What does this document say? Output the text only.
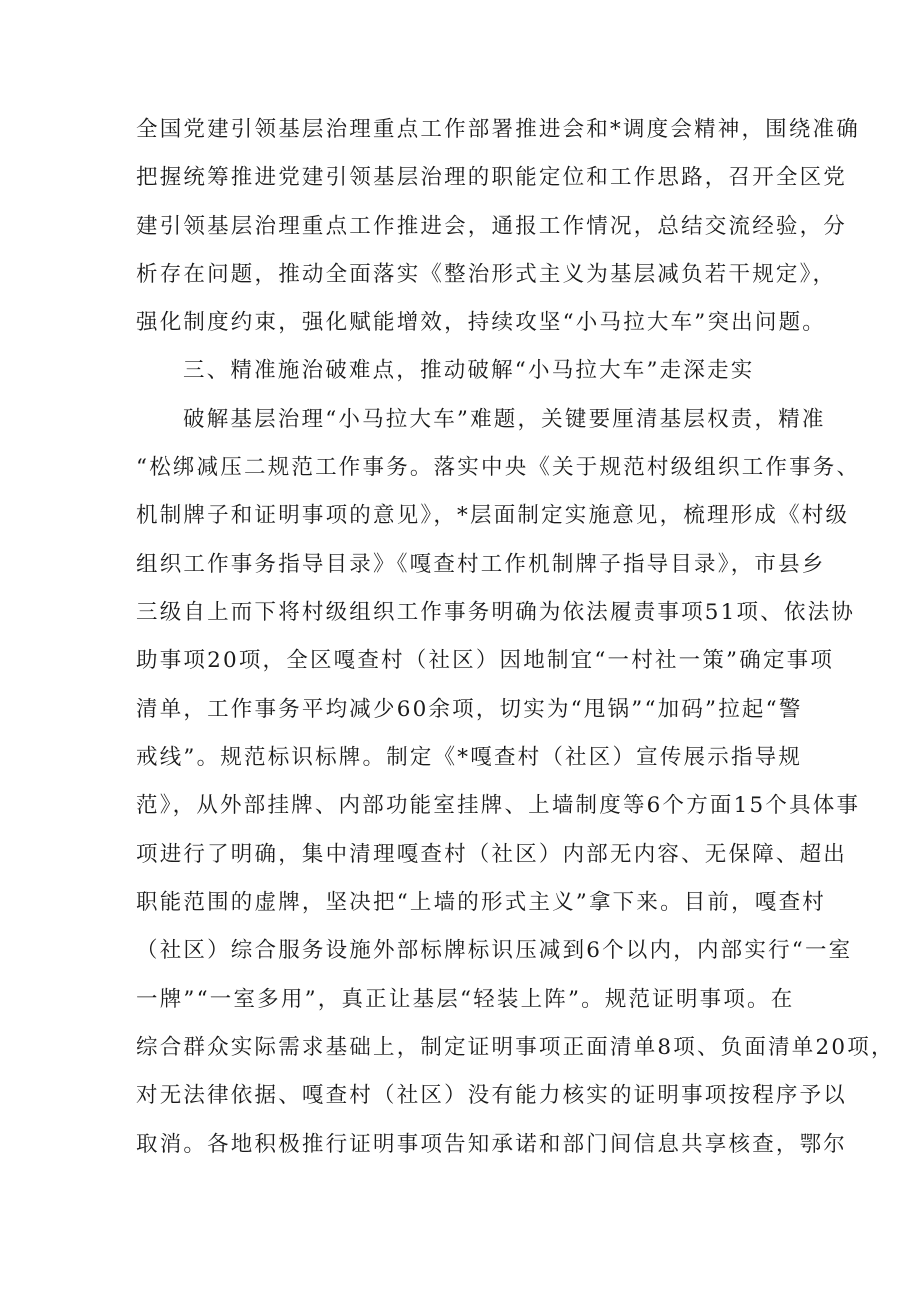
全国党建引领基层治理重点工作部署推进会和*调度会精神，围绕准确
把握统筹推进党建引领基层治理的职能定位和工作思路，召开全区党
建引领基层治理重点工作推进会，通报工作情况，总结交流经验，分
析存在问题，推动全面落实《整治形式主义为基层减负若干规定》，
强化制度约束，强化赋能增效，持续攻坚“小马拉大车”突出问题。
三、精准施治破难点，推动破解“小马拉大车”走深走实
破解基层治理“小马拉大车”难题，关键要厘清基层权责，精准
“松绑减压二规范工作事务。落实中央《关于规范村级组织工作事务、
机制牌子和证明事项的意见》，*层面制定实施意见，梳理形成《村级
组织工作事务指导目录》《嘎查村工作机制牌子指导目录》，市县乡
三级自上而下将村级组织工作事务明确为依法履责事项51项、依法协
助事项20项，全区嘎查村（社区）因地制宜“一村社一策”确定事项
清单，工作事务平均减少60余项，切实为“甩锅”“加码”拉起“警
戒线”。规范标识标牌。制定《*嘎查村（社区）宣传展示指导规
范》，从外部挂牌、内部功能室挂牌、上墙制度等6个方面15个具体事
项进行了明确，集中清理嘎查村（社区）内部无内容、无保障、超出
职能范围的虚牌，坚决把“上墙的形式主义”拿下来。目前，嘎查村
（社区）综合服务设施外部标牌标识压减到6个以内，内部实行“一室
一牌”“一室多用”，真正让基层“轻装上阵”。规范证明事项。在
综合群众实际需求基础上，制定证明事项正面清单8项、负面清单20项，
对无法律依据、嘎查村（社区）没有能力核实的证明事项按程序予以
取消。各地积极推行证明事项告知承诺和部门间信息共享核查，鄂尔
